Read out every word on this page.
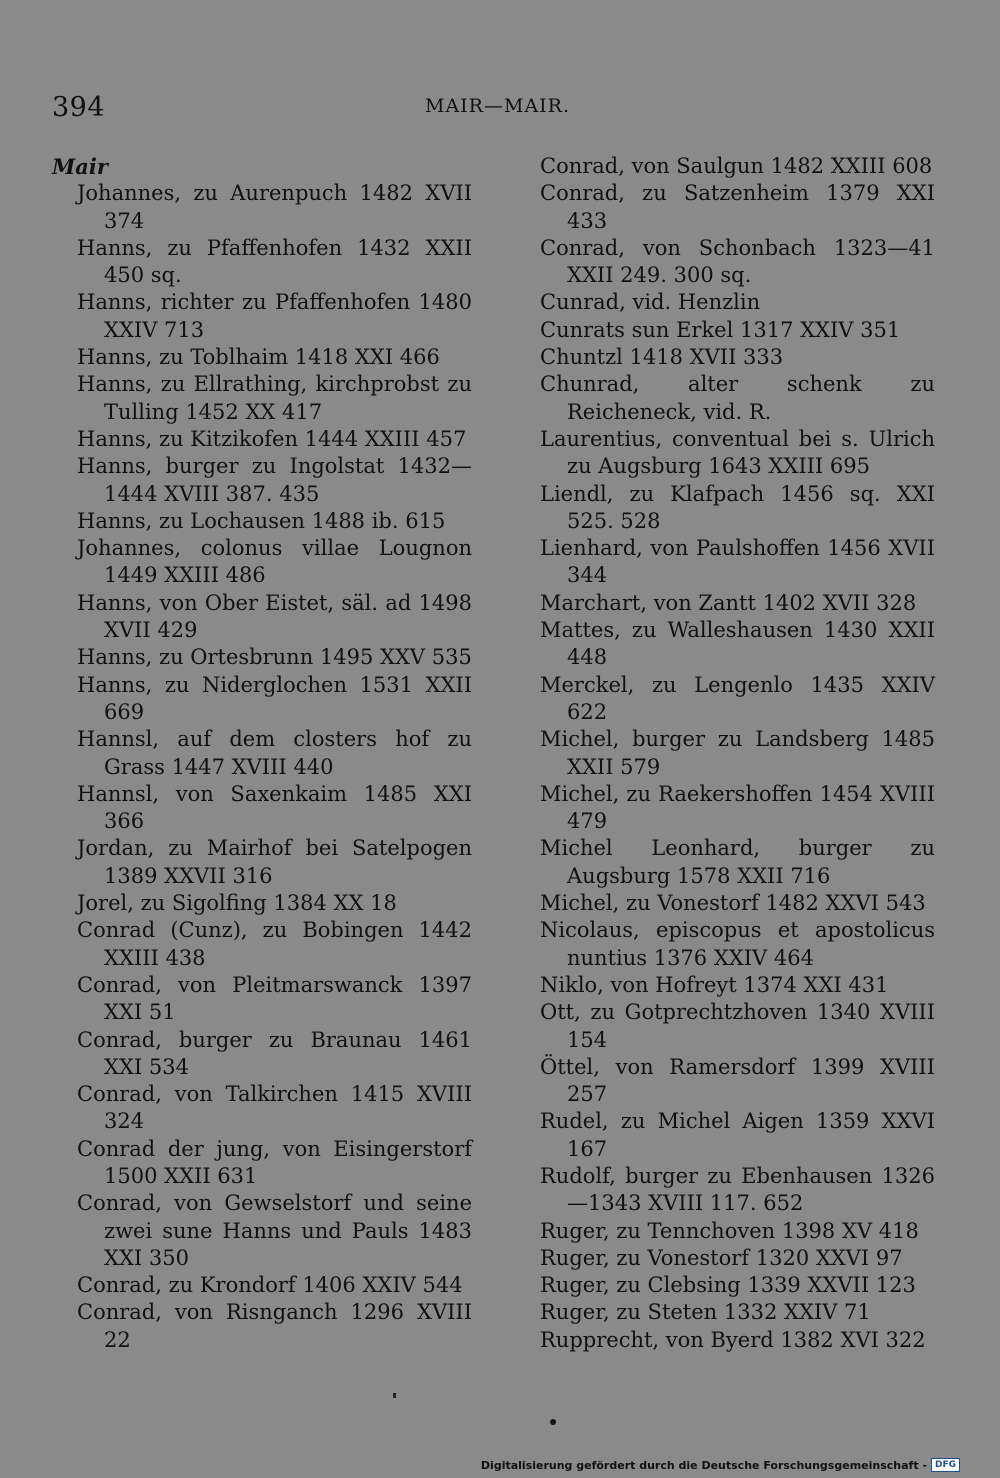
394	MAIR—MAIR.
Mair
Johannes, zu Aurenpuch 1482 XVII 374
Hanns, zu Pfaffenhofen 1432 XXII 450 sq.
Hanns, richter zu Pfaffenhofen 1480 XXIV 713
Hanns, zu Toblhaim 1418 XXI 466
Hanns, zu Ellrathing, kirchprobst zu Tulling 1452 XX 417
Hanns, zu Kitzikofen 1444 XXIII 457
Hanns, burger zu Ingolstat 1432—1444 XVIII 387. 435
Hanns, zu Lochausen 1488 ib. 615
Johannes, colonus villae Lougnon 1449 XXIII 486
Hanns, von Ober Eistet, säl. ad 1498 XVII 429
Hanns, zu Ortesbrunn 1495 XXV 535
Hanns, zu Niderglochen 1531 XXII 669
Hannsl, auf dem closters hof zu Grass 1447 XVIII 440
Hannsl, von Saxenkaim 1485 XXI 366
Jordan, zu Mairhof bei Satelpogen 1389 XXVII 316
Jorel, zu Sigolfing 1384 XX 18
Conrad (Cunz), zu Bobingen 1442 XXIII 438
Conrad, von Pleitmarswanck 1397 XXI 51
Conrad, burger zu Braunau 1461 XXI 534
Conrad, von Talkirchen 1415 XVIII 324
Conrad der jung, von Eisingerstorf 1500 XXII 631
Conrad, von Gewselstorf und seine zwei sune Hanns und Pauls 1483 XXI 350
Conrad, zu Krondorf 1406 XXIV 544
Conrad, von Risnganch 1296 XVIII 22
Conrad, von Saulgun 1482 XXIII 608
Conrad, zu Satzenheim 1379 XXI 433
Conrad, von Schonbach 1323—41 XXII 249. 300 sq.
Cunrad, vid. Henzlin
Cunrats sun Erkel 1317 XXIV 351
Chuntzl 1418 XVII 333
Chunrad, alter schenk zu Reicheneck, vid. R.
Laurentius, conventual bei s. Ulrich zu Augsburg 1643 XXIII 695
Liendl, zu Klafpach 1456 sq. XXI 525. 528
Lienhard, von Paulshoffen 1456 XVII 344
Marchart, von Zantt 1402 XVII 328
Mattes, zu Walleshausen 1430 XXII 448
Merckel, zu Lengenlo 1435 XXIV 622
Michel, burger zu Landsberg 1485 XXII 579
Michel, zu Raekershoffen 1454 XVIII 479
Michel Leonhard, burger zu Augsburg 1578 XXII 716
Michel, zu Vonestorf 1482 XXVI 543
Nicolaus, episcopus et apostolicus nuntius 1376 XXIV 464
Niklo, von Hofreyt 1374 XXI 431
Ott, zu Gotprechtzhoven 1340 XVIII 154
Öttel, von Ramersdorf 1399 XVIII 257
Rudel, zu Michel Aigen 1359 XXVI 167
Rudolf, burger zu Ebenhausen 1326—1343 XVIII 117. 652
Ruger, zu Tennchoven 1398 XV 418
Ruger, zu Vonestorf 1320 XXVI 97
Ruger, zu Clebsing 1339 XXVII 123
Ruger, zu Steten 1332 XXIV 71
Rupprecht, von Byerd 1382 XVI 322
Digitalisierung gefördert durch die Deutsche Forschungsgemeinschaft - DFG
